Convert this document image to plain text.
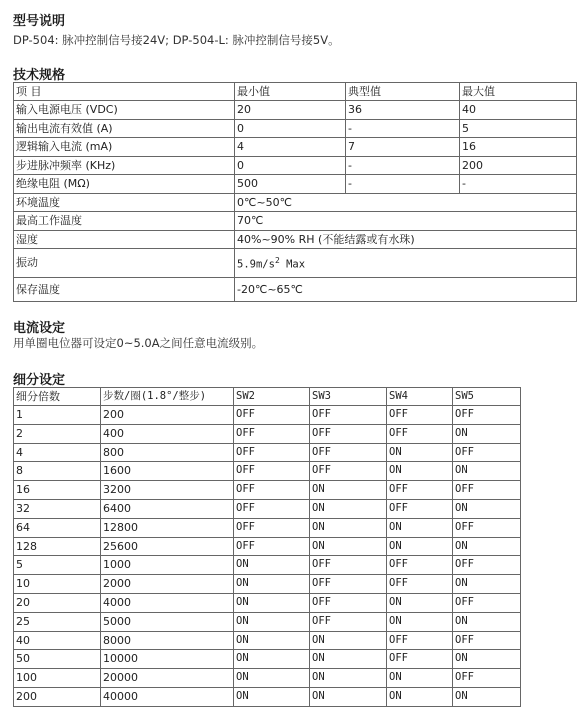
型号说明
DP-504: 脉冲控制信号接24V; DP-504-L: 脉冲控制信号接5V。
技术规格
项 目	最小值	典型值	最大值
输入电源电压 (VDC)	20	36	40
输出电流有效值 (A)	0	-	5
逻辑输入电流 (mA)	4	7	16
步进脉冲频率 (KHz)	0	-	200
绝缘电阻 (MΩ)	500	-	-
环境温度	0℃~50℃		
最高工作温度	70℃		
湿度	40%~90% RH (不能结露或有水珠)		
振动	$5.9m/s^2$ Max		
保存温度	-20℃~65℃		
电流设定
用单圈电位器可设定0~5.0A之间任意电流级别。
细分设定
细分倍数	步数/圈(1.8°/整步)	SW2	SW3	SW4	SW5
1	200	OFF	OFF	OFF	OFF
2	400	OFF	OFF	OFF	ON
4	800	OFF	OFF	ON	OFF
8	1600	OFF	OFF	ON	ON
16	3200	OFF	ON	OFF	OFF
32	6400	OFF	ON	OFF	ON
64	12800	OFF	ON	ON	OFF
128	25600	OFF	ON	ON	ON
5	1000	ON	OFF	OFF	OFF
10	2000	ON	OFF	OFF	ON
20	4000	ON	OFF	ON	OFF
25	5000	ON	OFF	ON	ON
40	8000	ON	ON	OFF	OFF
50	10000	ON	ON	OFF	ON
100	20000	ON	ON	ON	OFF
200	40000	ON	ON	ON	ON
